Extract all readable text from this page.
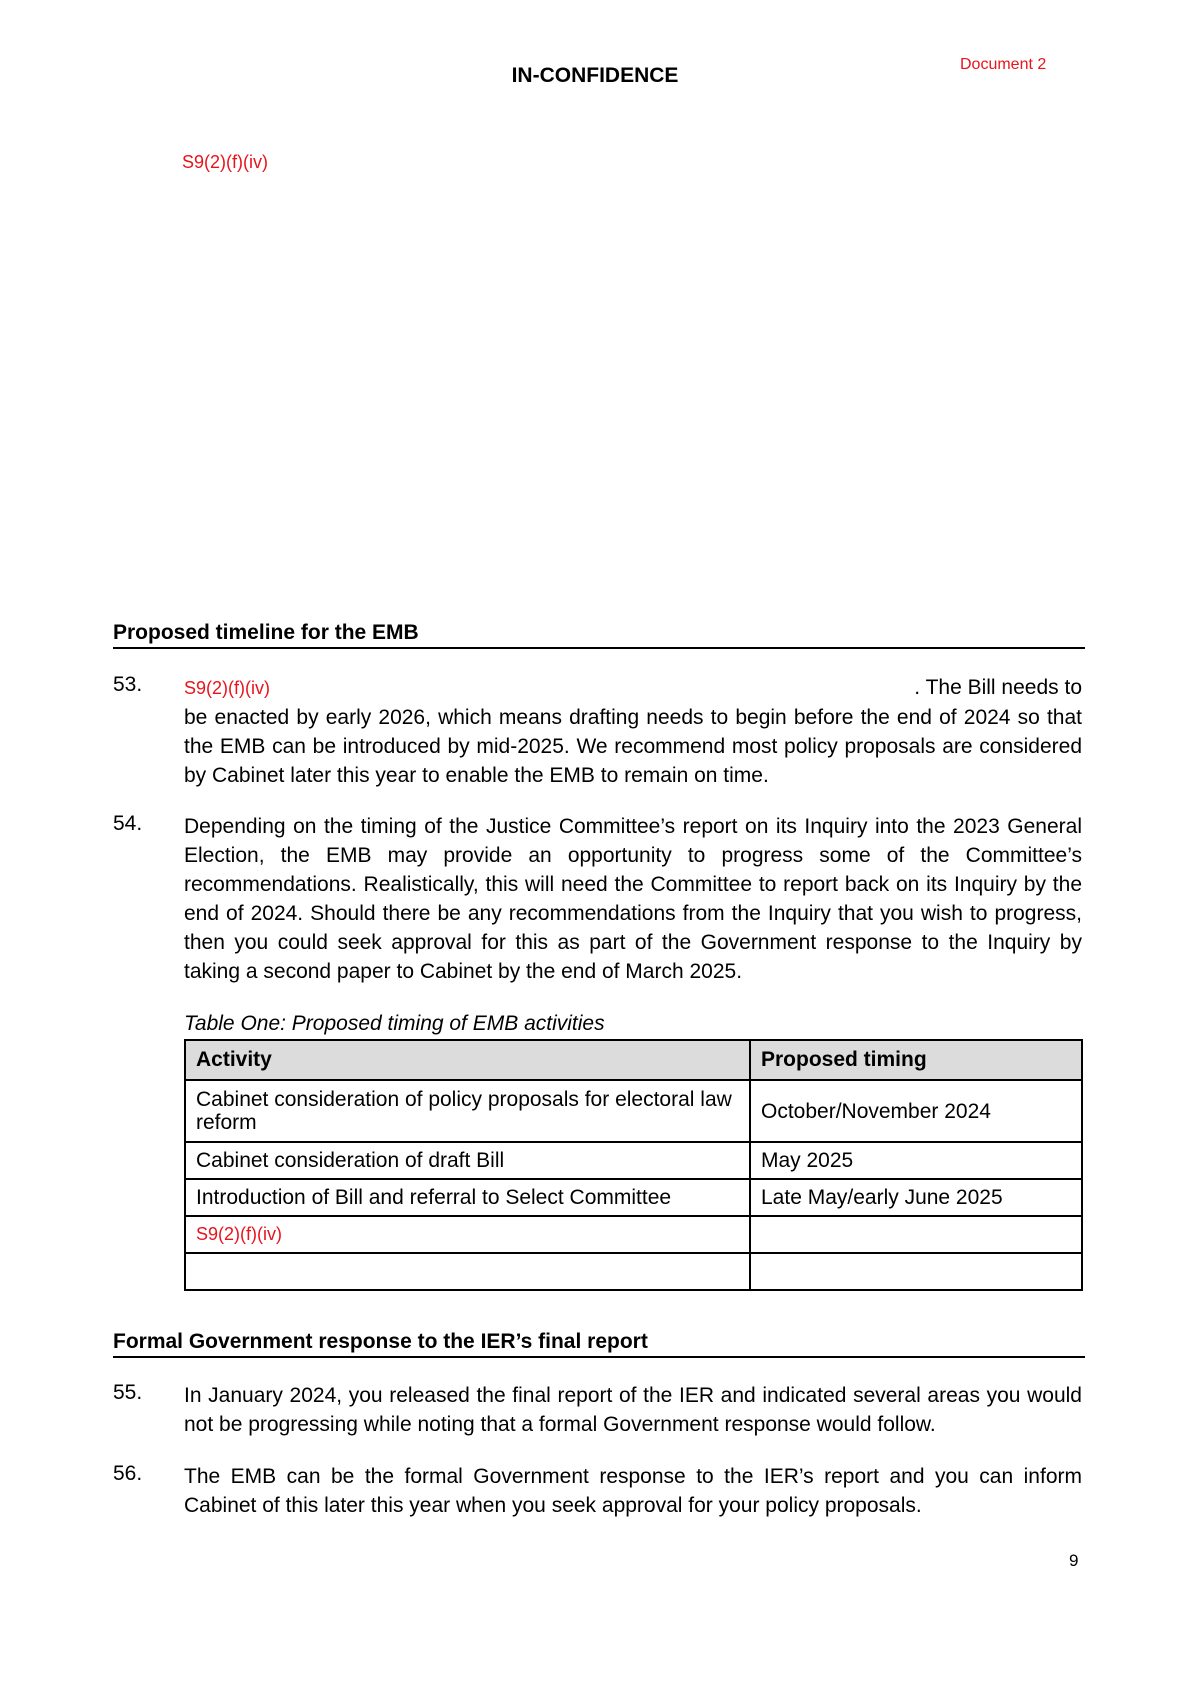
IN-CONFIDENCE	Document 2
S9(2)(f)(iv)
Proposed timeline for the EMB
53. S9(2)(f)(iv)	. The Bill needs to
be enacted by early 2026, which means drafting needs to begin before the end of 2024 so that the EMB can be introduced by mid-2025. We recommend most policy proposals are considered by Cabinet later this year to enable the EMB to remain on time.
54. Depending on the timing of the Justice Committee’s report on its Inquiry into the 2023 General Election, the EMB may provide an opportunity to progress some of the Committee’s recommendations. Realistically, this will need the Committee to report back on its Inquiry by the end of 2024. Should there be any recommendations from the Inquiry that you wish to progress, then you could seek approval for this as part of the Government response to the Inquiry by taking a second paper to Cabinet by the end of March 2025.
Table One: Proposed timing of EMB activities
Activity	Proposed timing
Cabinet consideration of policy proposals for electoral law reform	October/November 2024
Cabinet consideration of draft Bill	May 2025
Introduction of Bill and referral to Select Committee	Late May/early June 2025
S9(2)(f)(iv)	

Formal Government response to the IER’s final report
55. In January 2024, you released the final report of the IER and indicated several areas you would not be progressing while noting that a formal Government response would follow.
56. The EMB can be the formal Government response to the IER’s report and you can inform Cabinet of this later this year when you seek approval for your policy proposals.
9
